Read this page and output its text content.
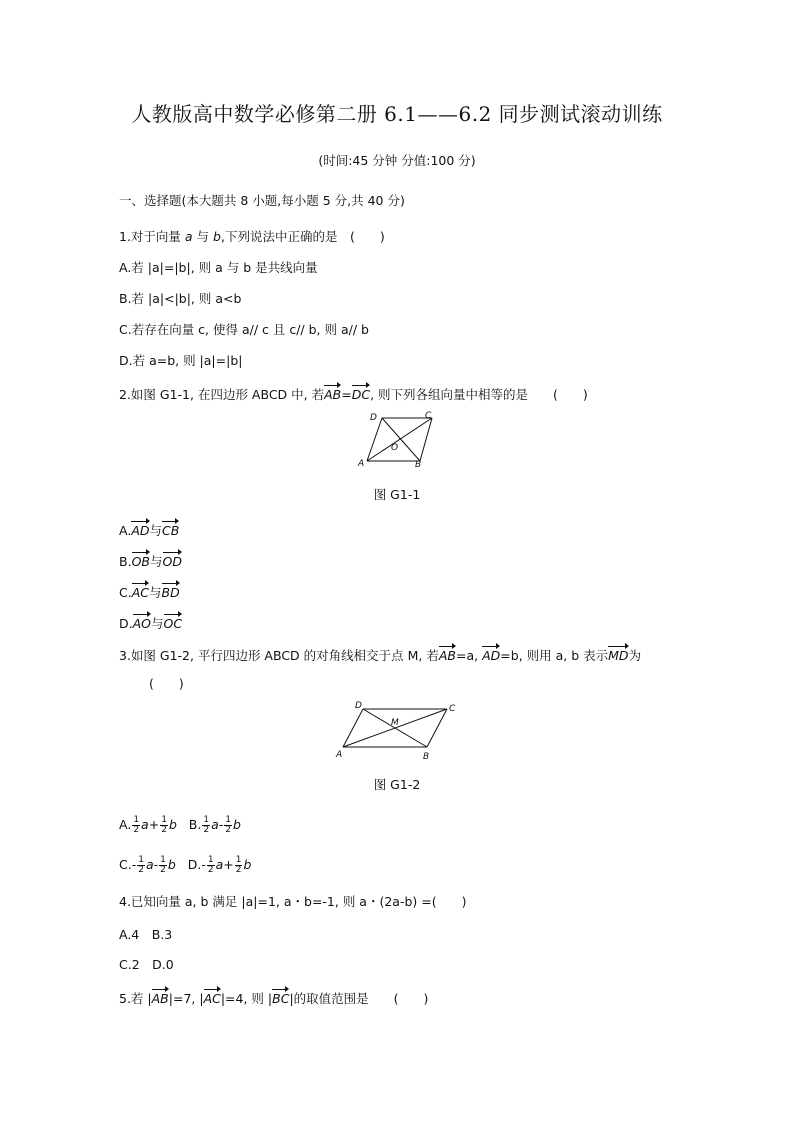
人教版高中数学必修第二册 6.1——6.2 同步测试滚动训练
(时间:45 分钟 分值:100 分)
一、选择题(本大题共 8 小题,每小题 5 分,共 40 分)
1.对于向量 a 与 b,下列说法中正确的是　(　　)
A.若 |a|=|b|, 则 a 与 b 是共线向量
B.若 |a|<|b|, 则 a<b
C.若存在向量 c, 使得 a// c 且 c// b, 则 a// b
D.若 a=b, 则 |a|=|b|
2.如图 G1-1, 在四边形 ABCD 中, 若AB=DC, 则下列各组向量中相等的是　　(　　)
A	B
C
D
O
图 G1-1
A.AD与CB
B.OB与OD
C.AC与BD
D.AO与OC
3.如图 G1-2, 平行四边形 ABCD 的对角线相交于点 M, 若AB=a, AD=b, 则用 a, b 表示MD为
(　　)
A	B
C
D
M
图 G1-2
A. $\frac{1}{2} a+ \frac{1}{2}$ b B. $\frac{1}{2} a- \frac{1}{2}$ b
$C.- \frac{1}{2} a- \frac{1}{2}$ b $D.- \frac{1}{2} a+ \frac{1}{2}$ b
4.已知向量 a, b 满足 |a|=1, a・b=-1, 则 a・(2a-b) =(　　)
A.4　B.3
C.2　D.0
5.若 |AB|=7, |AC|=4, 则 |BC|的取值范围是　　(　　)
